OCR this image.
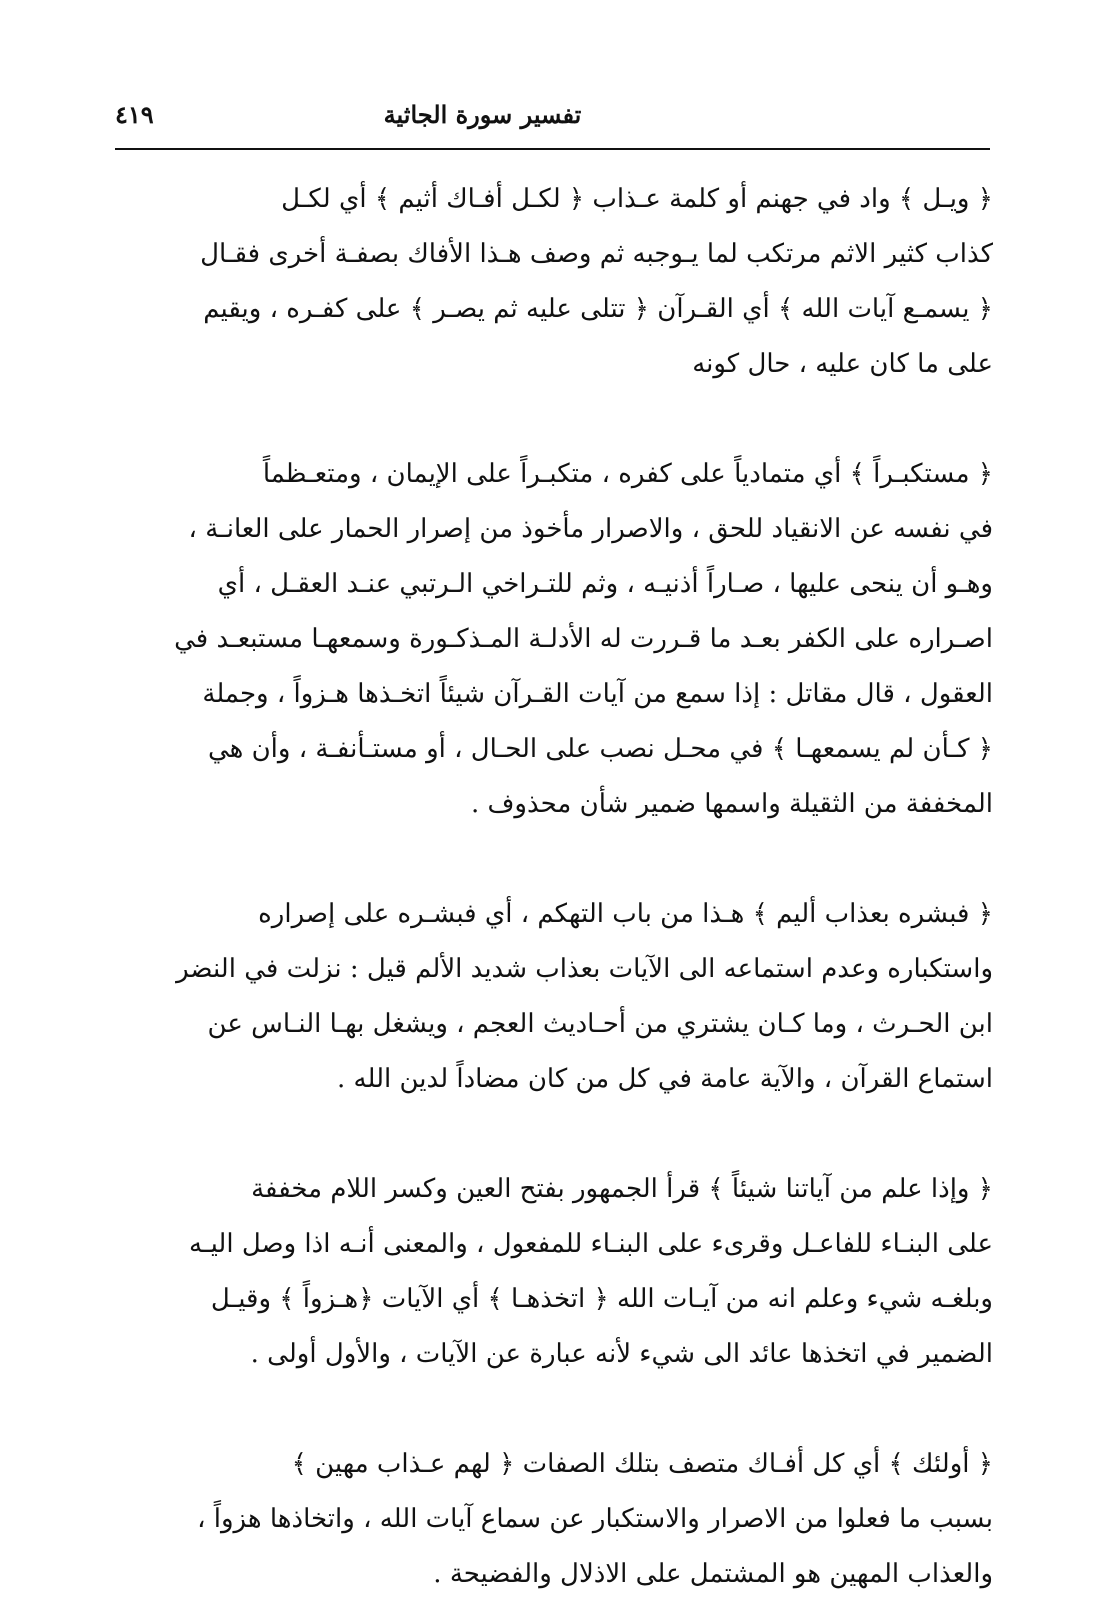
تفسير سورة الجاثية
٤١٩

﴿ ويـل ﴾ واد في جهنم أو كلمة عـذاب ﴿ لكـل أفـاك أثيم ﴾ أي لكـل
كذاب كثير الاثم مرتكب لما يـوجبه ثم وصف هـذا الأفاك بصفـة أخرى فقـال
﴿ يسمـع آيات الله ﴾ أي القـرآن ﴿ تتلى عليه ثم يصـر ﴾ على كفـره ، ويقيم
على ما كان عليه ، حال كونه

﴿ مستكبـراً ﴾ أي متمادياً على كفره ، متكبـراً على الإيمان ، ومتعـظماً
في نفسه عن الانقياد للحق ، والاصرار مأخوذ من إصرار الحمار على العانـة ،
وهـو أن ينحى عليها ، صـاراً أذنيـه ، وثم للتـراخي الـرتبي عنـد العقـل ، أي
اصـراره على الكفر بعـد ما قـررت له الأدلـة المـذكـورة وسمعهـا مستبعـد في
العقول ، قال مقاتل : إذا سمع من آيات القـرآن شيئاً اتخـذها هـزواً ، وجملة
﴿ كـأن لم يسمعهـا ﴾ في محـل نصب على الحـال ، أو مستـأنفـة ، وأن هي
المخففة من الثقيلة واسمها ضمير شأن محذوف .

﴿ فبشره بعذاب أليم ﴾ هـذا من باب التهكم ، أي فبشـره على إصراره
واستكباره وعدم استماعه الى الآيات بعذاب شديد الألم قيل : نزلت في النضر
ابن الحـرث ، وما كـان يشتري من أحـاديث العجم ، ويشغل بهـا النـاس عن
استماع القرآن ، والآية عامة في كل من كان مضاداً لدين الله .

﴿ وإذا علم من آياتنا شيئاً ﴾ قرأ الجمهور بفتح العين وكسر اللام مخففة
على البنـاء للفاعـل وقرىء على البنـاء للمفعول ، والمعنى أنـه اذا وصل اليـه
وبلغـه شيء وعلم انه من آيـات الله ﴿ اتخذهـا ﴾ أي الآيات ﴿هـزواً ﴾ وقيـل
الضمير في اتخذها عائد الى شيء لأنه عبارة عن الآيات ، والأول أولى .

﴿ أولئك ﴾ أي كل أفـاك متصف بتلك الصفات ﴿ لهم عـذاب مهين ﴾
بسبب ما فعلوا من الاصرار والاستكبار عن سماع آيات الله ، واتخاذها هزواً ،
والعذاب المهين هو المشتمل على الاذلال والفضيحة .
